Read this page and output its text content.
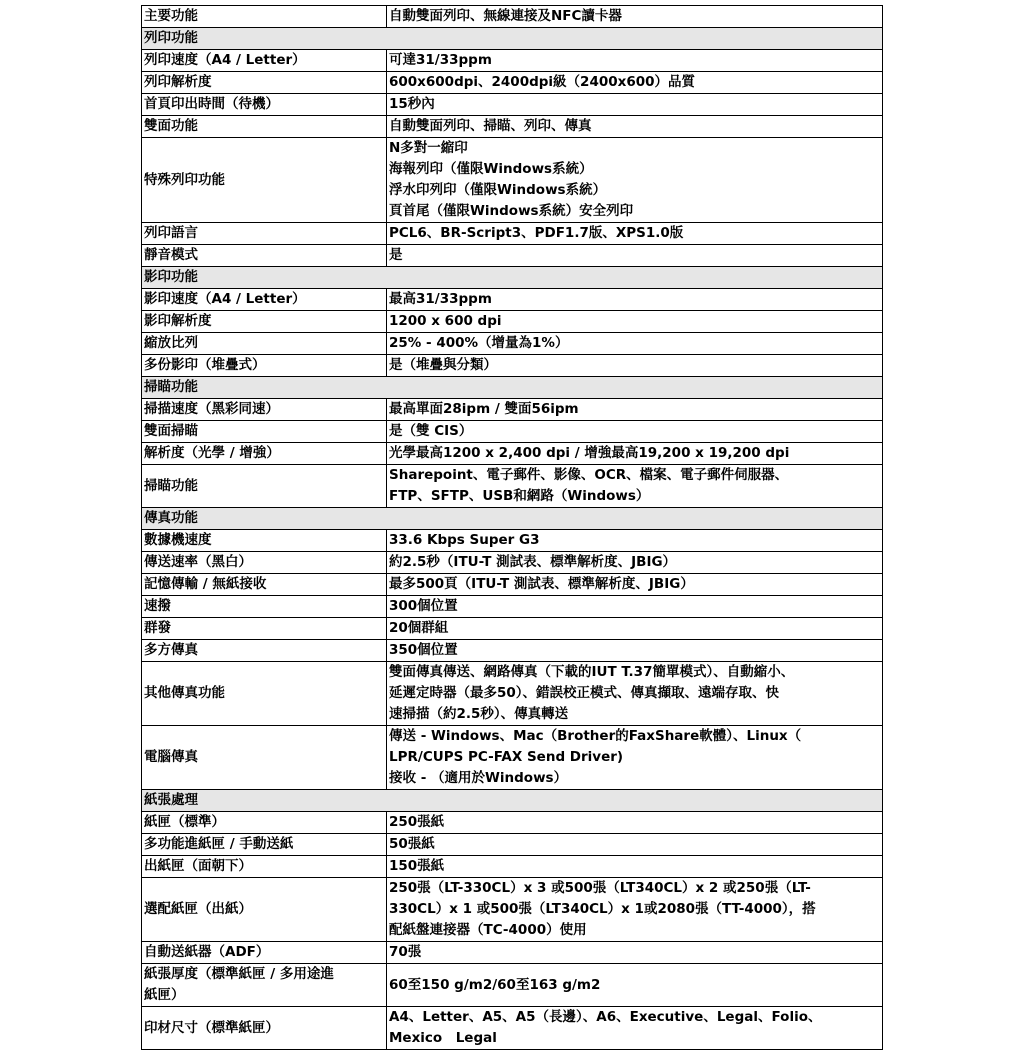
主要功能	自動雙面列印、無線連接及NFC讀卡器
列印功能	
列印速度（A4 / Letter）	可達31/33ppm
列印解析度	600x600dpi、2400dpi級（2400x600）品質
首頁印出時間（待機）	15秒內
雙面功能	自動雙面列印、掃瞄、列印、傳真
特殊列印功能	N多對一縮印
海報列印（僅限Windows系統）
浮水印列印（僅限Windows系統）
頁首尾（僅限Windows系統）安全列印
列印語言	PCL6、BR-Script3、PDF1.7版、XPS1.0版
靜音模式	是
影印功能	
影印速度（A4 / Letter）	最高31/33ppm
影印解析度	1200 x 600 dpi
縮放比列	25% - 400%（增量為1%）
多份影印（堆疊式）	是（堆疊與分類）
掃瞄功能	
掃描速度（黑彩同速）	最高單面28ipm / 雙面56ipm
雙面掃瞄	是（雙 CIS）
解析度（光學 / 增強）	光學最高1200 x 2,400 dpi / 增強最高19,200 x 19,200 dpi
掃瞄功能	Sharepoint、電子郵件、影像、OCR、檔案、電子郵件伺服器、
FTP、SFTP、USB和網路（Windows）
傳真功能	
數據機速度	33.6 Kbps Super G3
傳送速率（黑白）	約2.5秒（ITU-T 測試表、標準解析度、JBIG）
記憶傳輸 / 無紙接收	最多500頁（ITU-T 測試表、標準解析度、JBIG）
速撥	300個位置
群發	20個群組
多方傳真	350個位置
其他傳真功能	雙面傳真傳送、網路傳真（下載的IUT T.37簡單模式）、自動縮小、
延遲定時器（最多50）、錯誤校正模式、傳真擷取、遠端存取、快
速掃描（約2.5秒）、傳真轉送
電腦傳真	傳送 - Windows、Mac（Brother的FaxShare軟體）、Linux（
LPR/CUPS PC-FAX Send Driver)
接收 - （適用於Windows）
紙張處理	
紙匣（標準）	250張紙
多功能進紙匣 / 手動送紙	50張紙
出紙匣（面朝下）	150張紙
選配紙匣（出紙）	250張（LT-330CL）x 3 或500張（LT340CL）x 2 或250張（LT-
330CL）x 1 或500張（LT340CL）x 1或2080張（TT-4000），搭
配紙盤連接器（TC-4000）使用
自動送紙器（ADF）	70張
紙張厚度（標準紙匣 / 多用途進
紙匣）	60至150 g/m2/60至163 g/m2
印材尺寸（標準紙匣）	A4、Letter、A5、A5（長邊）、A6、Executive、Legal、Folio、
Mexico　Legal
